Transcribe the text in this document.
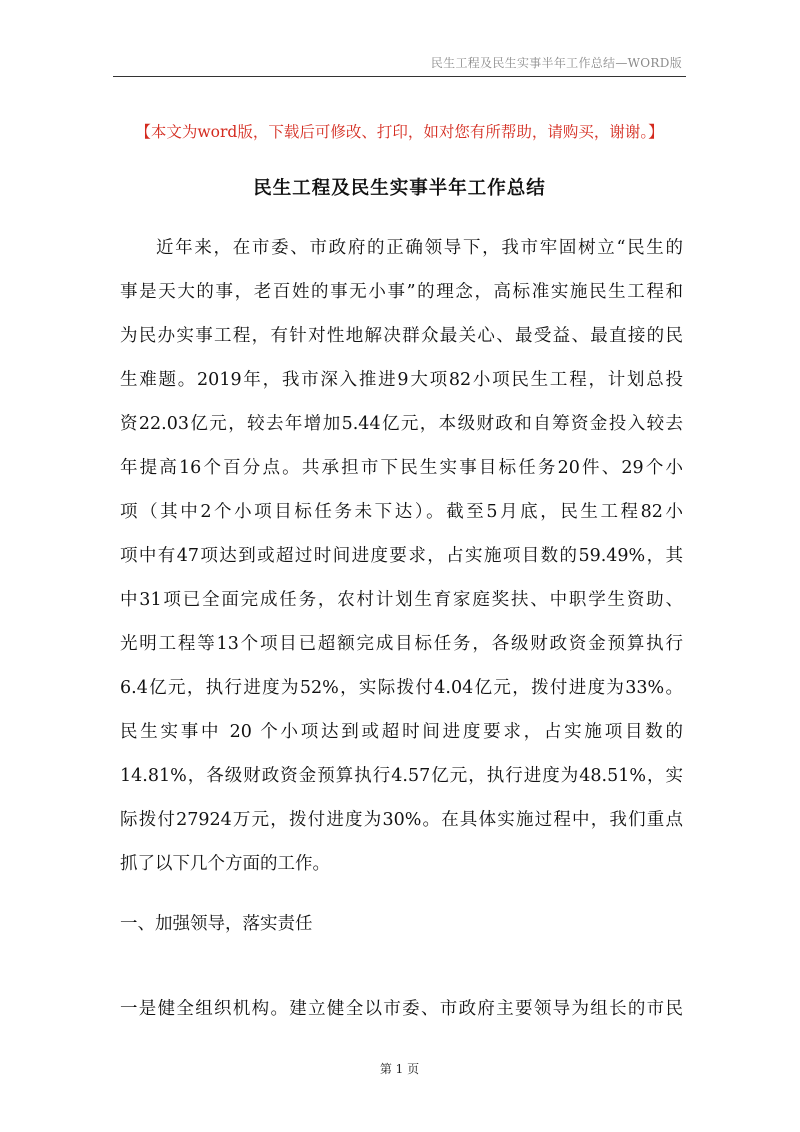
民生工程及民生实事半年工作总结—WORD版
【本文为word版，下载后可修改、打印，如对您有所帮助，请购买，谢谢。】
民生工程及民生实事半年工作总结
近年来，在市委、市政府的正确领导下，我市牢固树立“民生的
事是天大的事，老百姓的事无小事”的理念，高标准实施民生工程和
为民办实事工程，有针对性地解决群众最关心、最受益、最直接的民
生难题。2019年，我市深入推进9大项82小项民生工程，计划总投
资22.03亿元，较去年增加5.44亿元，本级财政和自筹资金投入较去
年提高16个百分点。共承担市下民生实事目标任务20件、29个小
项（其中2个小项目标任务未下达）。截至5月底，民生工程82小
项中有47项达到或超过时间进度要求，占实施项目数的59.49%，其
中31项已全面完成任务，农村计划生育家庭奖扶、中职学生资助、
光明工程等13个项目已超额完成目标任务，各级财政资金预算执行
6.4亿元，执行进度为52%，实际拨付4.04亿元，拨付进度为33%。
民生实事中 20 个小项达到或超时间进度要求，占实施项目数的
14.81%，各级财政资金预算执行4.57亿元，执行进度为48.51%，实
际拨付27924万元，拨付进度为30%。在具体实施过程中，我们重点
抓了以下几个方面的工作。
一、加强领导，落实责任
一是健全组织机构。建立健全以市委、市政府主要领导为组长的市民
第 1 页
